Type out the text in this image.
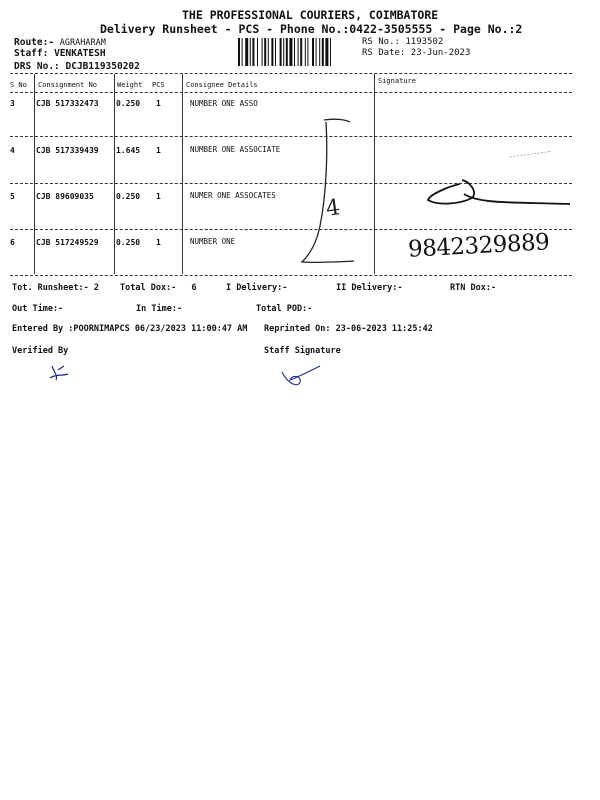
THE PROFESSIONAL COURIERS, COIMBATORE
Delivery Runsheet - PCS - Phone No.:0422-3505555 - Page No.:2
Route:- AGRAHARAM
Staff: VENKATESH
DRS No.: DCJB119350202
RS No.: 1193502
RS Date: 23-Jun-2023
S No Consignment No	Weight PCS	Consignee Details	Signature
3	CJB 517332473 0.250 1	NUMBER ONE ASSO
4	CJB 517339439 1.645 1	NUMBER ONE ASSOCIATE
5	CJB 89609035	0.250 1	NUMER ONE ASSOCATES
6	CJB 517249529 0.250 1	NUMBER ONE
4
9842329889
Tot. Runsheet:- 2 Total Dox:- 6	I Delivery:-	II Delivery:-	RTN Dox:-
Out Time:-	In Time:-	Total POD:-
Entered By :POORNIMAPCS 06/23/2023 11:00:47 AM Reprinted On: 23-06-2023 11:25:42
Verified By	Staff Signature
